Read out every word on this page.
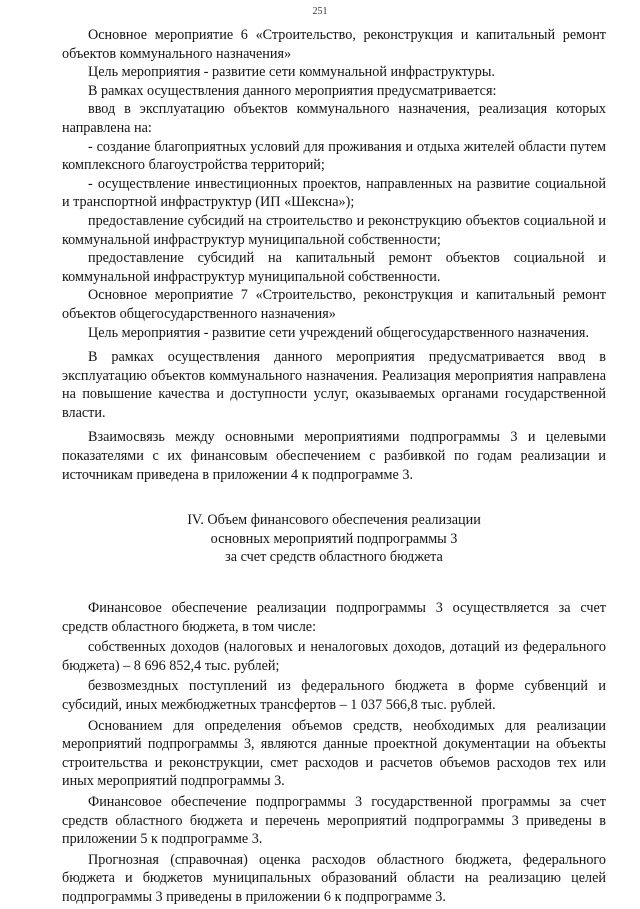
251

Основное мероприятие 6 «Строительство, реконструкция и капитальный ремонт объектов коммунального назначения»

Цель мероприятия - развитие сети коммунальной инфраструктуры.

В рамках осуществления данного мероприятия предусматривается:

ввод в эксплуатацию объектов коммунального назначения, реализация которых направлена на:

- создание благоприятных условий для проживания и отдыха жителей области путем комплексного благоустройства территорий;

- осуществление инвестиционных проектов, направленных на развитие социальной и транспортной инфраструктур (ИП «Шексна»);

предоставление субсидий на строительство и реконструкцию объектов социальной и коммунальной инфраструктур муниципальной собственности;

предоставление субсидий на капитальный ремонт объектов социальной и коммунальной инфраструктур муниципальной собственности.

Основное мероприятие 7 «Строительство, реконструкция и капитальный ремонт объектов общегосударственного назначения»

Цель мероприятия - развитие сети учреждений общегосударственного назначения.

В рамках осуществления данного мероприятия предусматривается ввод в эксплуатацию объектов коммунального назначения. Реализация мероприятия направлена на повышение качества и доступности услуг, оказываемых органами государственной власти.

Взаимосвязь между основными мероприятиями подпрограммы 3 и целевыми показателями с их финансовым обеспечением с разбивкой по годам реализации и источникам приведена в приложении 4 к подпрограмме 3.

IV. Объем финансового обеспечения реализации
основных мероприятий подпрограммы 3
за счет средств областного бюджета

Финансовое обеспечение реализации подпрограммы 3 осуществляется за счет средств областного бюджета, в том числе:

собственных доходов (налоговых и неналоговых доходов, дотаций из федерального бюджета) – 8 696 852,4 тыс. рублей;

безвозмездных поступлений из федерального бюджета в форме субвенций и субсидий, иных межбюджетных трансфертов – 1 037 566,8 тыс. рублей.

Основанием для определения объемов средств, необходимых для реализации мероприятий подпрограммы 3, являются данные проектной документации на объекты строительства и реконструкции, смет расходов и расчетов объемов расходов тех или иных мероприятий подпрограммы 3.

Финансовое обеспечение подпрограммы 3 государственной программы за счет средств областного бюджета и перечень мероприятий подпрограммы 3 приведены в приложении 5 к подпрограмме 3.

Прогнозная (справочная) оценка расходов областного бюджета, федерального бюджета и бюджетов муниципальных образований области на реализацию целей подпрограммы 3 приведены в приложении 6 к подпрограмме 3.
